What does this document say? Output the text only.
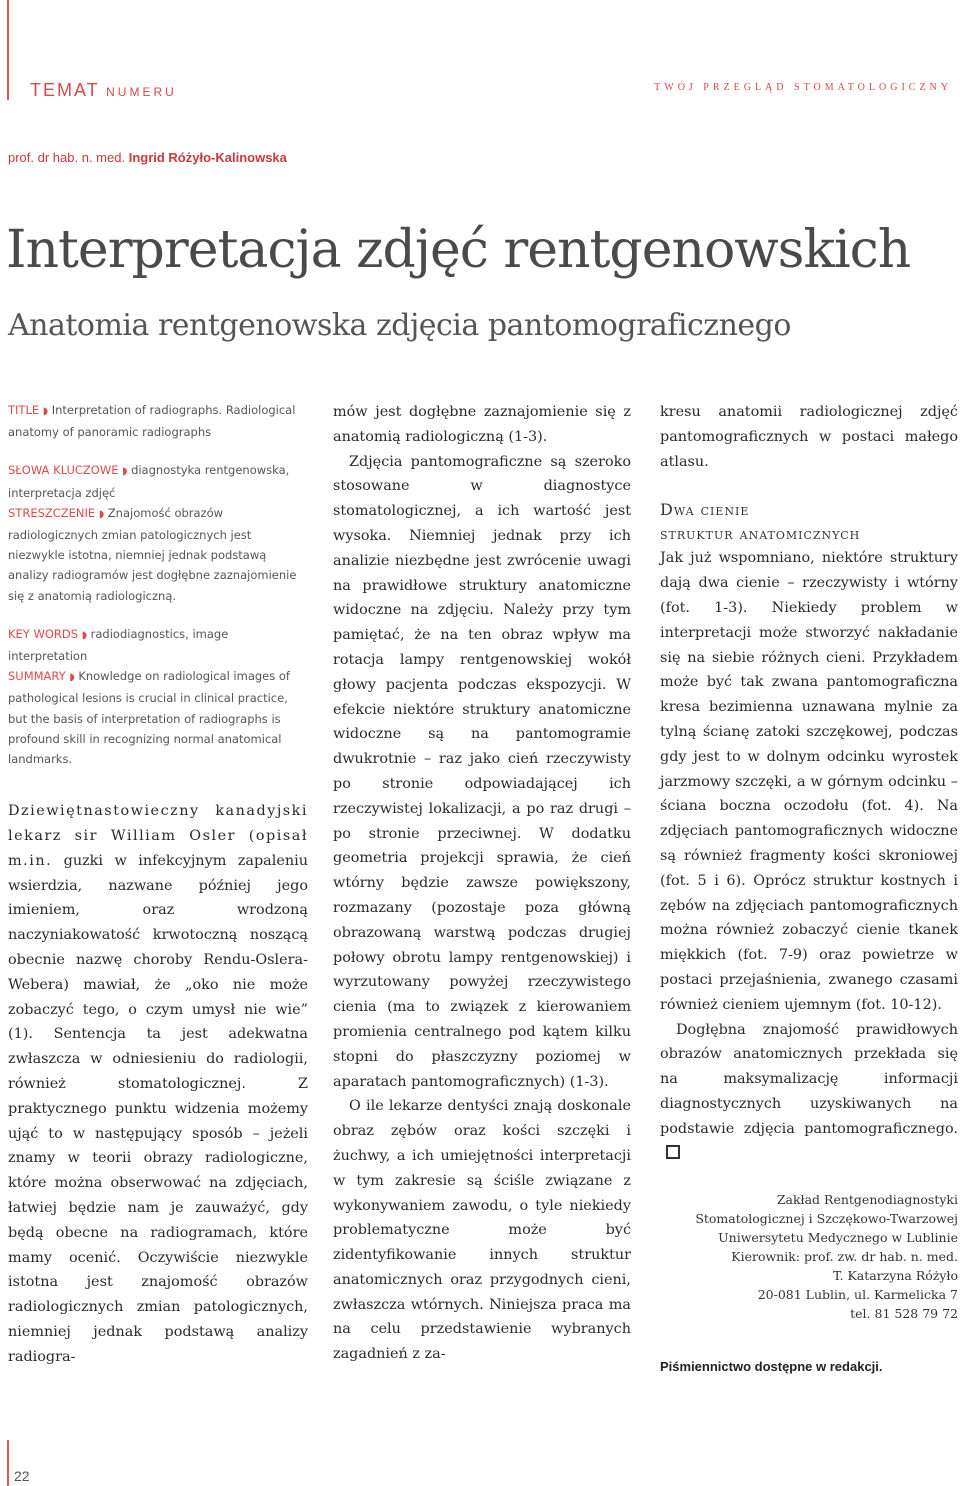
TEMAT NUMERU	TWÓJ PRZEGLĄD STOMATOLOGICZNY
prof. dr hab. n. med. Ingrid Różyło-Kalinowska
Interpretacja zdjęć rentgenowskich
Anatomia rentgenowska zdjęcia pantomograficznego

TITLE ◗ Interpretation of radiographs. Radiological anatomy of panoramic radiographs

SŁOWA KLUCZOWE ◗ diagnostyka rentgenowska, interpretacja zdjęć
STRESZCZENIE ◗ Znajomość obrazów radiologicznych zmian patologicznych jest niezwykle istotna, niemniej jednak podstawą analizy radiogramów jest dogłębne zaznajomienie się z anatomią radiologiczną.

KEY WORDS ◗ radiodiagnostics, image interpretation
SUMMARY ◗ Knowledge on radiological images of pathological lesions is crucial in clinical practice, but the basis of interpretation of radiographs is profound skill in recognizing normal anatomical landmarks.

Dziewiętnastowieczny kanadyjski lekarz sir William Osler (opisał m.in. guzki w infekcyjnym zapaleniu wsierdzia, nazwane później jego imieniem, oraz wrodzoną naczyniakowatość krwotoczną noszącą obecnie nazwę choroby Rendu-Oslera-Webera) mawiał, że „oko nie może zobaczyć tego, o czym umysł nie wie” (1). Sentencja ta jest adekwatna zwłaszcza w odniesieniu do radiologii, również stomatologicznej. Z praktycznego punktu widzenia możemy ująć to w następujący sposób – jeżeli znamy w teorii obrazy radiologiczne, które można obserwować na zdjęciach, łatwiej będzie nam je zauważyć, gdy będą obecne na radiogramach, które mamy ocenić. Oczywiście niezwykle istotna jest znajomość obrazów radiologicznych zmian patologicznych, niemniej jednak podstawą analizy radiogra-

mów jest dogłębne zaznajomienie się z anatomią radiologiczną (1-3).

Zdjęcia pantomograficzne są szeroko stosowane w diagnostyce stomatologicznej, a ich wartość jest wysoka. Niemniej jednak przy ich analizie niezbędne jest zwrócenie uwagi na prawidłowe struktury anatomiczne widoczne na zdjęciu. Należy przy tym pamiętać, że na ten obraz wpływ ma rotacja lampy rentgenowskiej wokół głowy pacjenta podczas ekspozycji. W efekcie niektóre struktury anatomiczne widoczne są na pantomogramie dwukrotnie – raz jako cień rzeczywisty po stronie odpowiadającej ich rzeczywistej lokalizacji, a po raz drugi – po stronie przeciwnej. W dodatku geometria projekcji sprawia, że cień wtórny będzie zawsze powiększony, rozmazany (pozostaje poza główną obrazowaną warstwą podczas drugiej połowy obrotu lampy rentgenowskiej) i wyrzutowany powyżej rzeczywistego cienia (ma to związek z kierowaniem promienia centralnego pod kątem kilku stopni do płaszczyzny poziomej w aparatach pantomograficznych) (1-3).

O ile lekarze dentyści znają doskonale obraz zębów oraz kości szczęki i żuchwy, a ich umiejętności interpretacji w tym zakresie są ściśle związane z wykonywaniem zawodu, o tyle niekiedy problematyczne może być zidentyfikowanie innych struktur anatomicznych oraz przygodnych cieni, zwłaszcza wtórnych. Niniejsza praca ma na celu przedstawienie wybranych zagadnień z za-

kresu anatomii radiologicznej zdjęć pantomograficznych w postaci małego atlasu.

Dwa cienie

struktur anatomicznych

Jak już wspomniano, niektóre struktury dają dwa cienie – rzeczywisty i wtórny (fot. 1-3). Niekiedy problem w interpretacji może stworzyć nakładanie się na siebie różnych cieni. Przykładem może być tak zwana pantomograficzna kresa bezimienna uznawana mylnie za tylną ścianę zatoki szczękowej, podczas gdy jest to w dolnym odcinku wyrostek jarzmowy szczęki, a w górnym odcinku – ściana boczna oczodołu (fot. 4). Na zdjęciach pantomograficznych widoczne są również fragmenty kości skroniowej (fot. 5 i 6). Oprócz struktur kostnych i zębów na zdjęciach pantomograficznych można również zobaczyć cienie tkanek miękkich (fot. 7-9) oraz powietrze w postaci przejaśnienia, zwanego czasami również cieniem ujemnym (fot. 10-12).

Dogłębna znajomość prawidłowych obrazów anatomicznych przekłada się na maksymalizację informacji diagnostycznych uzyskiwanych na podstawie zdjęcia pantomograficznego.

Zakład Rentgenodiagnostyki
Stomatologicznej i Szczękowo-Twarzowej
Uniwersytetu Medycznego w Lublinie
Kierownik: prof. zw. dr hab. n. med.
T. Katarzyna Różyło
20-081 Lublin, ul. Karmelicka 7
tel. 81 528 79 72
Piśmiennictwo dostępne w redakcji.
22
